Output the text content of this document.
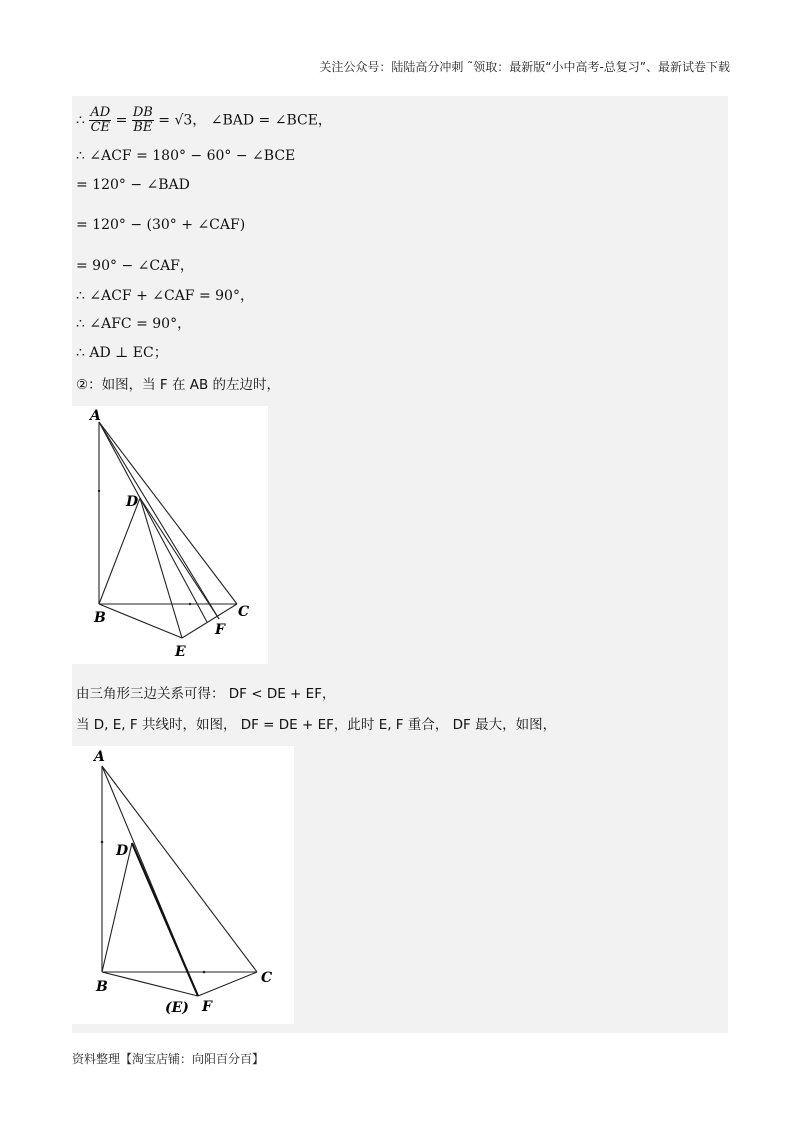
关注公众号：陆陆高分冲刺 ˜领取：最新版“小中高考-总复习”、最新试卷下载
∴ $\frac{AD}{CE} = \frac{DB}{BE} = √3$， ∠BAD = ∠BCE，
∴ ∠ACF = 180° − 60° − ∠BCE
= 120° − ∠BAD
= 120° − (30° + ∠CAF)
= 90° − ∠CAF，
∴ ∠ACF + ∠CAF = 90°，
∴ ∠AFC = 90°，
∴ AD ⊥ EC；
②：如图，当 F 在 AB 的左边时，
A
D
B	C
F
E
由三角形三边关系可得： DF < DE + EF，
当 D, E, F 共线时，如图， DF = DE + EF，此时 E, F 重合， DF 最大，如图，
A
D
B
C
(E) F
资料整理【淘宝店铺：向阳百分百】
